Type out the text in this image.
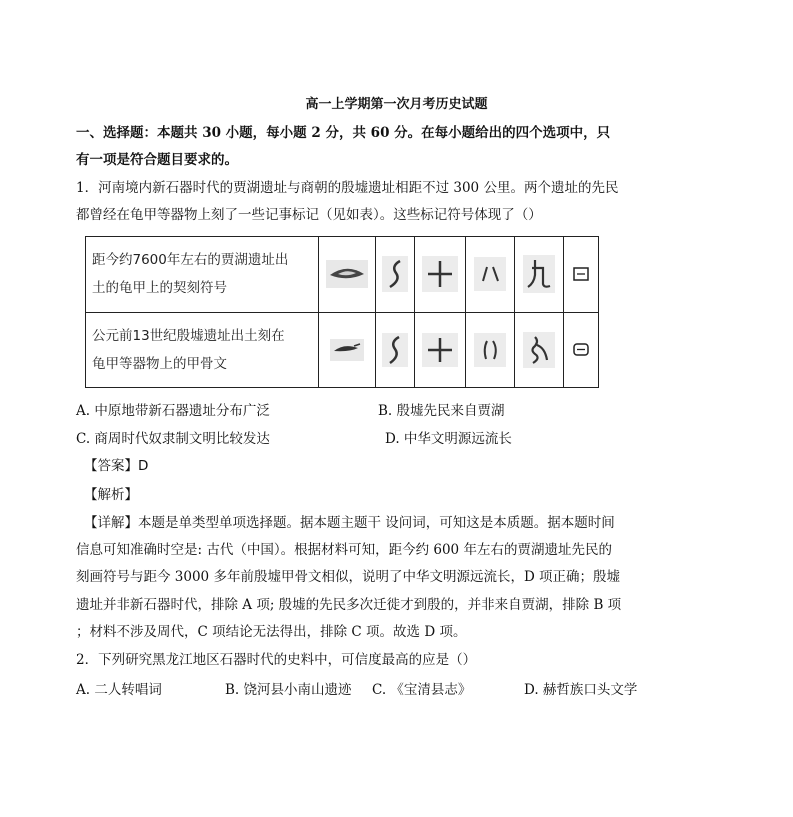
高一上学期第一次月考历史试题
一、选择题：本题共 30 小题，每小题 2 分，共 60 分。在每小题给出的四个选项中，只
有一项是符合题目要求的。
1．河南境内新石器时代的贾湖遗址与商朝的殷墟遗址相距不过 300 公里。两个遗址的先民
都曾经在龟甲等器物上刻了一些记事标记（见如表）。这些标记符号体现了（）
距今约7600年左右的贾湖遗址出
土的龟甲上的契刻符号

公元前13世纪殷墟遗址出土刻在
龟甲等器物上的甲骨文

A. 中原地带新石器遗址分布广泛	B. 殷墟先民来自贾湖
C. 商周时代奴隶制文明比较发达	D. 中华文明源远流长
【答案】D
【解析】
【详解】本题是单类型单项选择题。据本题主题干 设问词，可知这是本质题。据本题时间
信息可知准确时空是: 古代（中国）。根据材料可知，距今约 600 年左右的贾湖遗址先民的
刻画符号与距今 3000 多年前殷墟甲骨文相似，说明了中华文明源远流长，D 项正确；殷墟
遗址并非新石器时代，排除 A 项; 殷墟的先民多次迁徙才到殷的，并非来自贾湖，排除 B 项
；材料不涉及周代，C 项结论无法得出，排除 C 项。故选 D 项。
2．下列研究黑龙江地区石器时代的史料中，可信度最高的应是（）
A. 二人转唱词	B. 饶河县小南山遗迹 C. 《宝清县志》	D. 赫哲族口头文学
